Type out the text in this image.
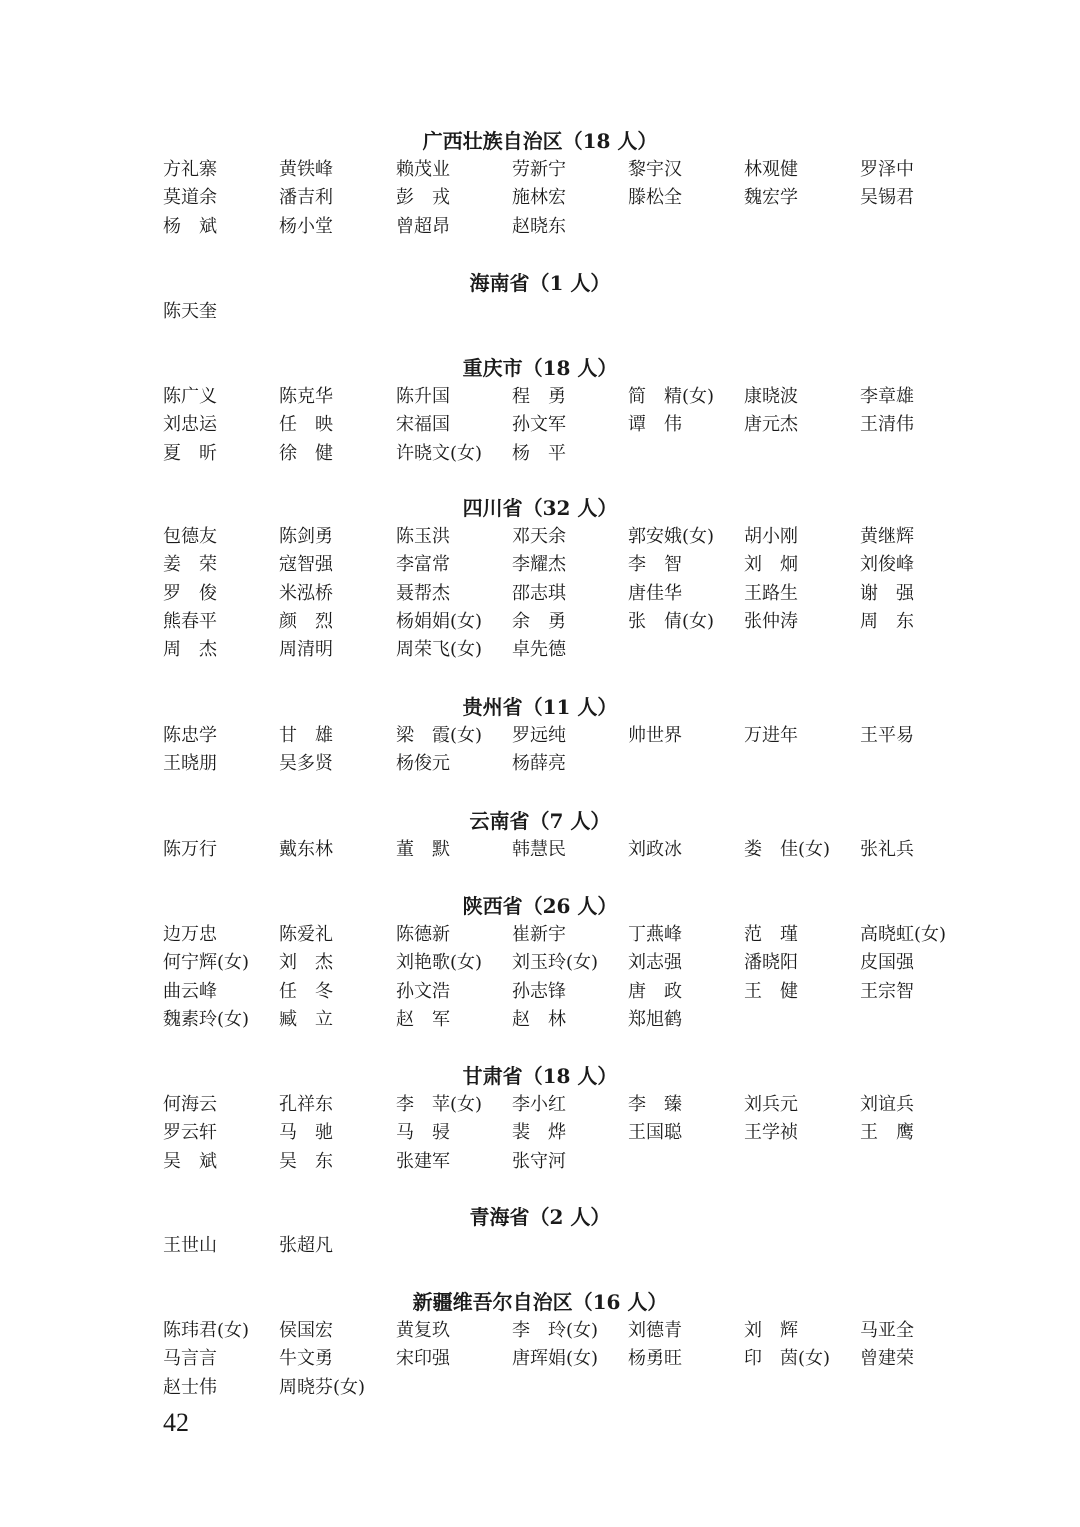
广西壮族自治区（18 人）
方礼寨	黄铁峰	赖茂业	劳新宁	黎宇汉	林观健	罗泽中
莫道余	潘吉利	彭　戎	施林宏	滕松全	魏宏学	吴锡君
杨　斌	杨小堂	曾超昂	赵晓东
海南省（1 人）
陈天奎
重庆市（18 人）
陈广义	陈克华	陈升国	程　勇	简　精(女) 康晓波	李章雄
刘忠运	任　映	宋福国	孙文军	谭　伟	唐元杰	王清伟
夏　昕	徐　健	许晓文(女) 杨　平
四川省（32 人）
包德友	陈剑勇	陈玉洪	邓天余	郭安娥(女) 胡小刚	黄继辉
姜　荣	寇智强	李富常	李耀杰	李　智	刘　炯	刘俊峰
罗　俊	米泓桥	聂帮杰	邵志琪	唐佳华	王路生	谢　强
熊春平	颜　烈	杨娟娟(女) 余　勇	张　倩(女) 张仲涛	周　东
周　杰	周清明	周荣飞(女) 卓先德
贵州省（11 人）
陈忠学	甘　雄	梁　霞(女) 罗远纯	帅世界	万进年	王平易
王晓朋	吴多贤	杨俊元	杨薛亮
云南省（7 人）
陈万行	戴东林	董　默	韩慧民	刘政冰	娄　佳(女) 张礼兵
陕西省（26 人）
边万忠	陈爱礼	陈德新	崔新宇	丁燕峰	范　瑾	高晓虹(女)
何宁辉(女) 刘　杰	刘艳歌(女) 刘玉玲(女) 刘志强	潘晓阳	皮国强
曲云峰	任　冬	孙文浩	孙志锋	唐　政	王　健	王宗智
魏素玲(女) 臧　立	赵　军	赵　林	郑旭鹤
甘肃省（18 人）
何海云	孔祥东	李　苹(女) 李小红	李　臻	刘兵元	刘谊兵
罗云轩	马　驰	马　骎	裴　烨	王国聪	王学祯	王　鹰
吴　斌	吴　东	张建军	张守河
青海省（2 人）
王世山	张超凡
新疆维吾尔自治区（16 人）
陈玮君(女) 侯国宏	黄复玖	李　玲(女) 刘德青	刘　辉	马亚全
马言言	牛文勇	宋印强	唐珲娟(女) 杨勇旺	印　茵(女) 曾建荣
赵士伟	周晓芬(女)
42
